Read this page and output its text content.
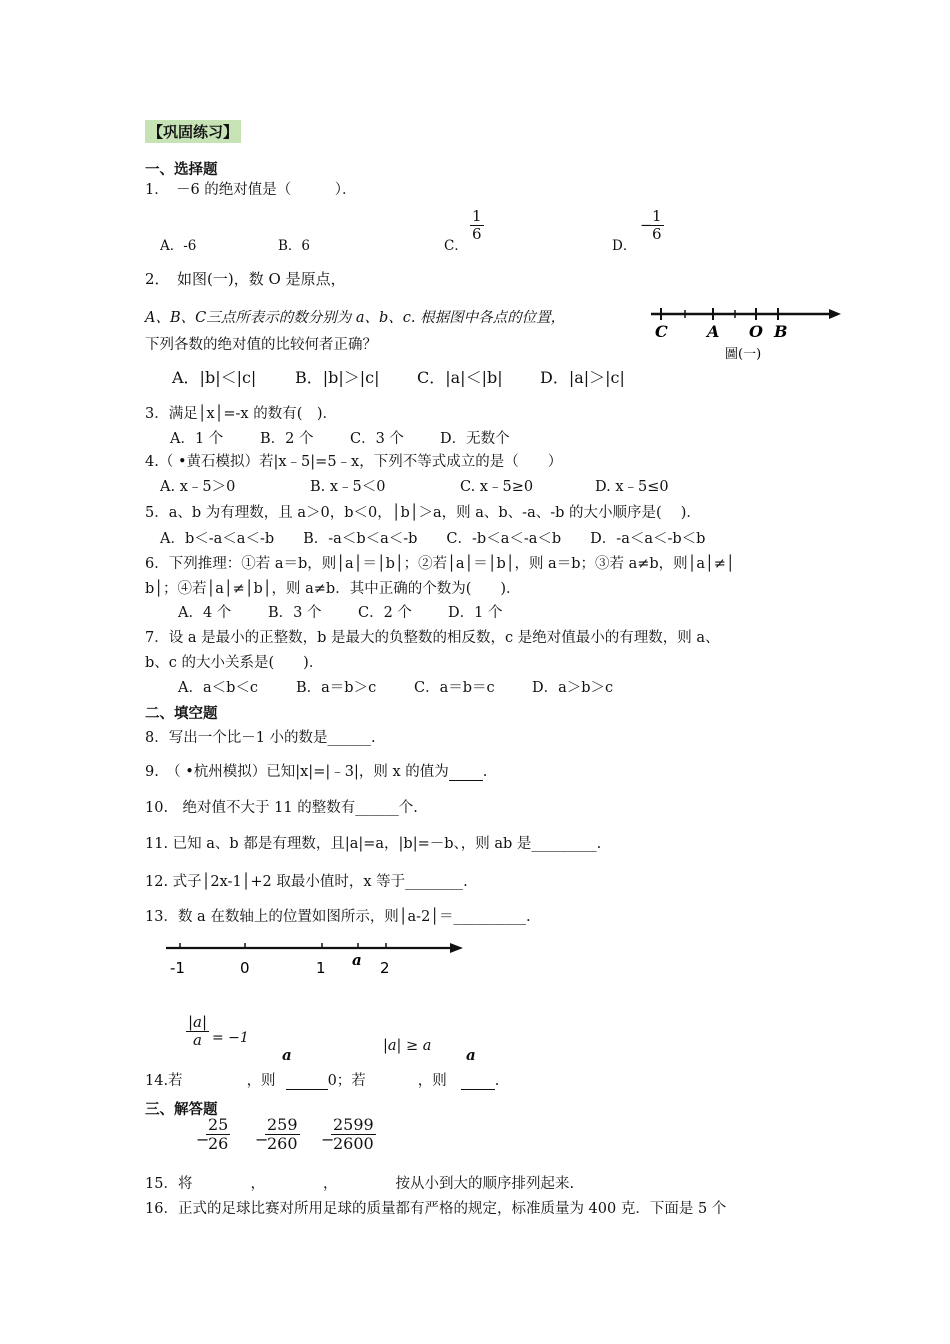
【巩固练习】
一、选择题
1．　－6 的绝对值是（　　　）．
A．-6	B．6	C．
$\frac{1}{6}$
D．
−
$\frac{1}{6}$
2．　如图(一)，数 O 是原点，
A、B、C三点所表示的数分别为 a、b、c. 根据图中各点的位置，
下列各数的绝对值的比较何者正确？
A．|b|＜|c| B．|b|＞|c| C．|a|＜|b| D．|a|＞|c|
C A O B
圖(一)
3．满足│x│=-x 的数有(　)．
A．1 个	B．2 个	C．3 个 D．无数个
4.（ •黄石模拟）若|x﹣5|=5﹣x，下列不等式成立的是（　　）
A. x﹣5＞0	B. x﹣5＜0	C. x﹣5≥0	D. x﹣5≤0
5．a、b 为有理数，且 a＞0，b＜0，│b│＞a，则 a、b、-a、-b 的大小顺序是(　 )．
A．b＜-a＜a＜-b　　B．-a＜b＜a＜-b　　C．-b＜a＜-a＜b　　D．-a＜a＜-b＜b
6．下列推理：①若 a＝b，则│a│＝│b│；②若│a│＝│b│，则 a＝b；③若 a≠b，则│a│≠│
b│；④若│a│≠│b│，则 a≠b．其中正确的个数为(　　)．
A．4 个	B．3 个	C．2 个 D．1 个
7．设 a 是最小的正整数，b 是最大的负整数的相反数，c 是绝对值最小的有理数，则 a、
b、c 的大小关系是(　　)．
A．a＜b＜c	B．a＝b＞c	C．a＝b＝c	D．a＞b＞c
二、填空题
8．写出一个比－1 小的数是______.
9.　（ •杭州模拟）已知|x|=|﹣3|，则 x 的值为 .
10.　绝对值不大于 11 的整数有______个.
11. 已知 a、b 都是有理数，且|a|=a，|b|=－b、，则 ab 是_________.
12. 式子│2x-1│+2 取最小值时，x 等于________.
13．数 a 在数轴上的位置如图所示，则│a-2│＝__________.
-1	0	1 a 2
$\frac{|a|}{a} = -1$
a	|a| ≥ a a
14.若	，则	0；若	，则	.
三、解答题
−
$\frac{25}{26}$ −
$\frac{259}{260}$ −
$\frac{2599}{2600}$
15．将	，	，	按从小到大的顺序排列起来.
16．正式的足球比赛对所用足球的质量都有严格的规定，标准质量为 400 克．下面是 5 个
